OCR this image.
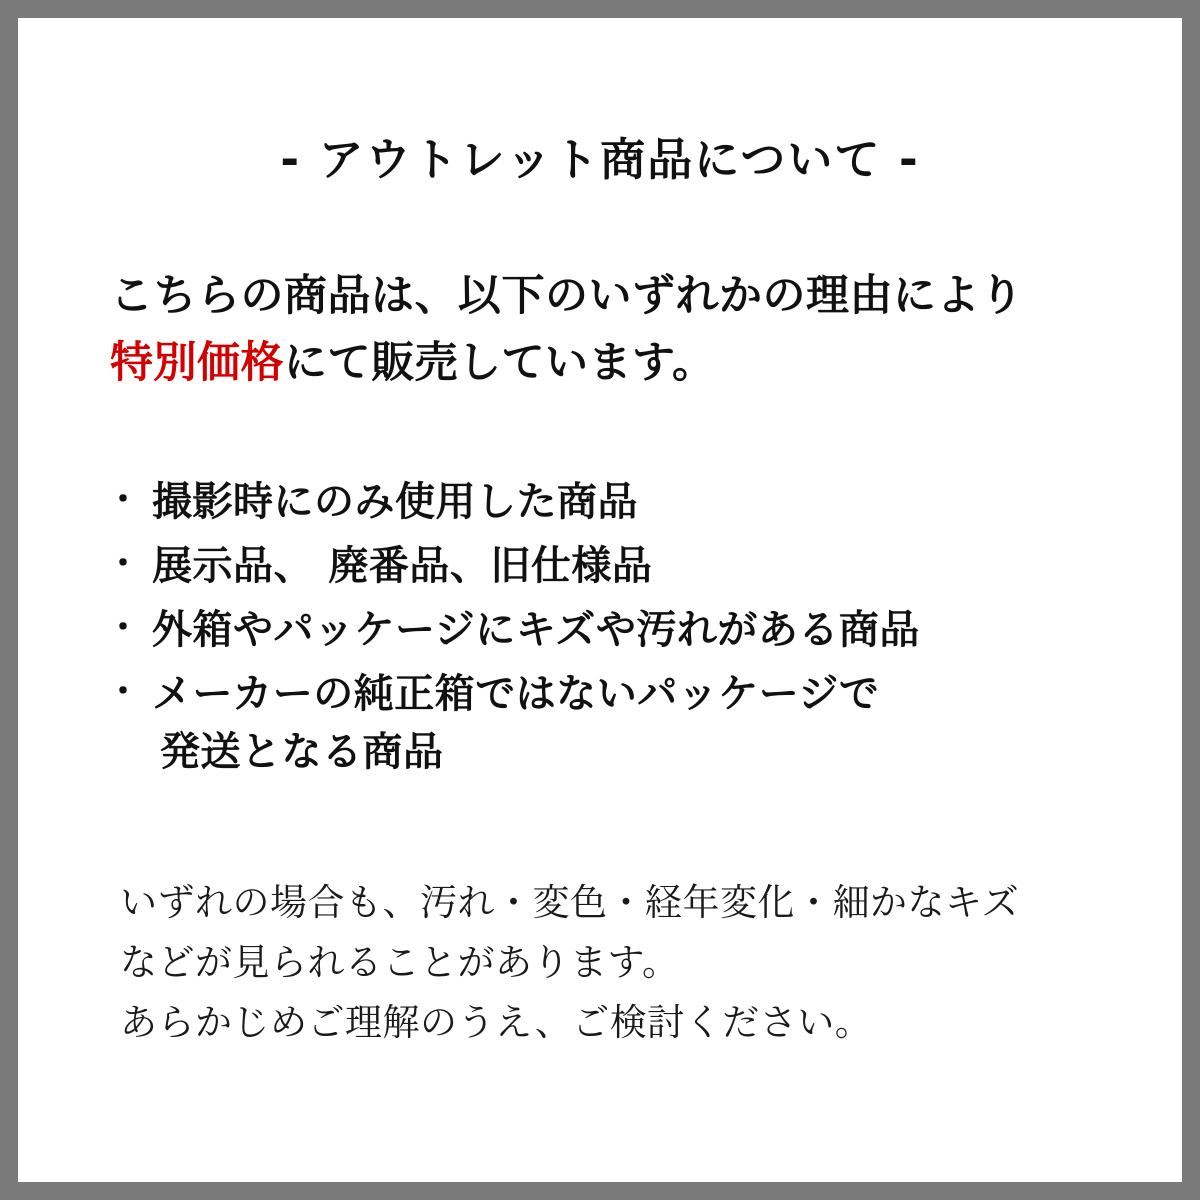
- アウトレット商品について -
こちらの商品は、以下のいずれかの理由により
特別価格にて販売しています。
・ 撮影時にのみ使用した商品
・ 展示品、 廃番品、旧仕様品
・ 外箱やパッケージにキズや汚れがある商品
・ メーカーの純正箱ではないパッケージで
発送となる商品
いずれの場合も、汚れ・変色・経年変化・細かなキズ
などが見られることがあります。
あらかじめご理解のうえ、ご検討ください。
